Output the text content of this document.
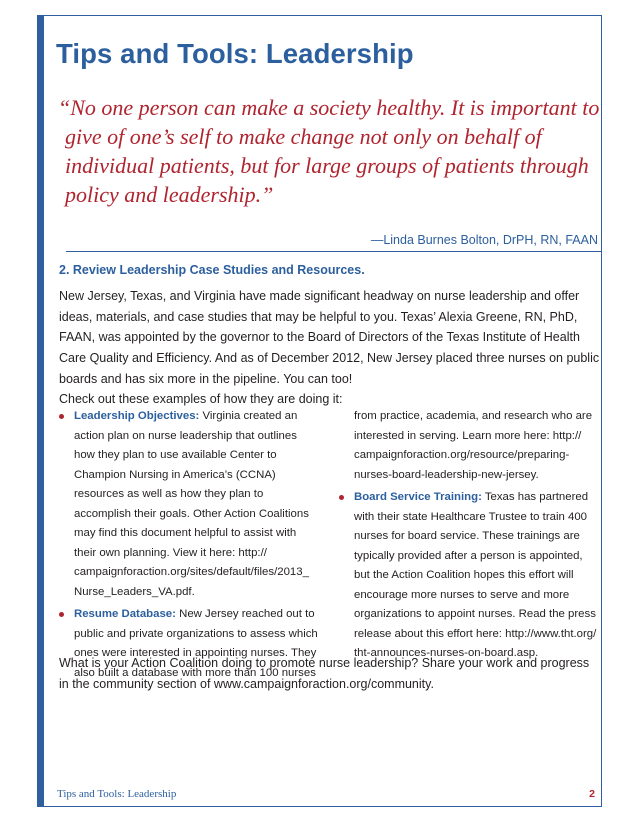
Tips and Tools: Leadership
“No one person can make a society healthy. It is important to
give of one’s self to make change not only on behalf of
individual patients, but for large groups of patients through
policy and leadership.”
—Linda Burnes Bolton, DrPH, RN, FAAN
2. Review Leadership Case Studies and Resources.

New Jersey, Texas, and Virginia have made significant headway on nurse leadership and offer
ideas, materials, and case studies that may be helpful to you. Texas’ Alexia Greene, RN, PhD,
FAAN, was appointed by the governor to the Board of Directors of the Texas Institute of Health
Care Quality and Efficiency. And as of December 2012, New Jersey placed three nurses on public
boards and has six more in the pipeline. You can too!

Check out these examples of how they are doing it:

Leadership Objectives: Virginia created an
action plan on nurse leadership that outlines
how they plan to use available Center to
Champion Nursing in America’s (CCNA)
resources as well as how they plan to
accomplish their goals. Other Action Coalitions
may find this document helpful to assist with
their own planning. View it here: http://
campaignforaction.org/sites/default/files/2013_
Nurse_Leaders_VA.pdf.
Resume Database: New Jersey reached out to
public and private organizations to assess which
ones were interested in appointing nurses. They
also built a database with more than 100 nurses
from practice, academia, and research who are
interested in serving. Learn more here: http://
campaignforaction.org/resource/preparing-
nurses-board-leadership-new-jersey.
Board Service Training: Texas has partnered
with their state Healthcare Trustee to train 400
nurses for board service. These trainings are
typically provided after a person is appointed,
but the Action Coalition hopes this effort will
encourage more nurses to serve and more
organizations to appoint nurses. Read the press
release about this effort here: http://www.tht.org/
tht-announces-nurses-on-board.asp.

What is your Action Coalition doing to promote nurse leadership? Share your work and progress
in the community section of www.campaignforaction.org/community.

Tips and Tools: Leadership	2
